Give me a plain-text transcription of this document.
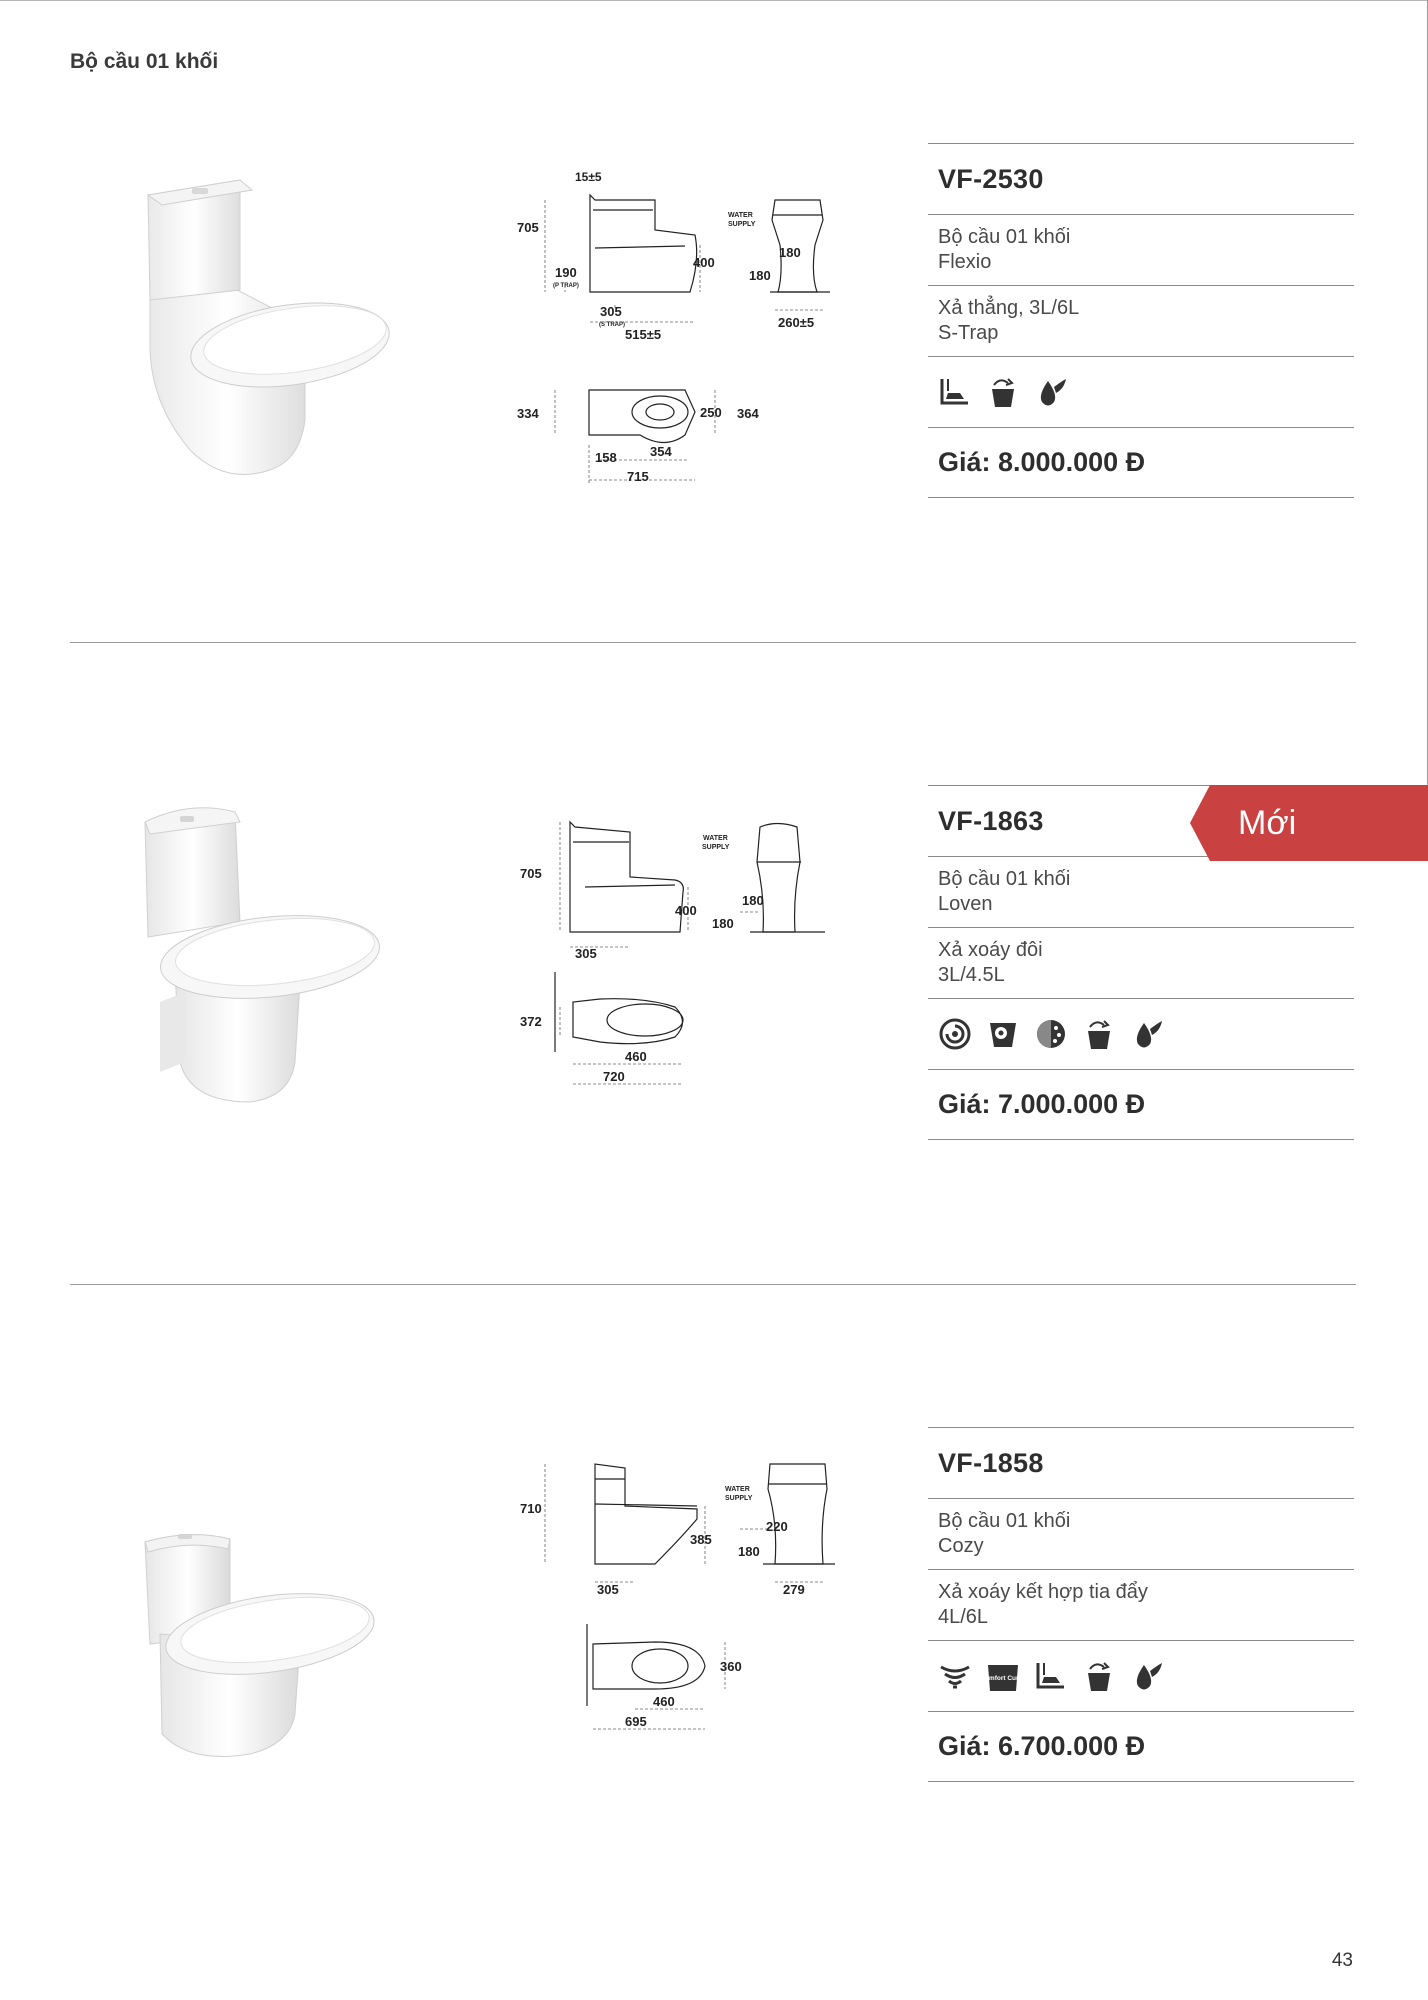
Bộ cầu 01 khối
15±5
705
190
(P TRAP)
305
(S TRAP)
515±5
400
WATER
SUPPLY
180
180
260±5
334	250 364
354
158
715
VF-2530
Bộ cầu 01 khối
Flexio
Xả thẳng, 3L/6L
S-Trap
Giá: 8.000.000 Đ
705
400
WATER
SUPPLY
180
180
305
372
460
720
VF-1863
Bộ cầu 01 khối
Loven
Xả xoáy đôi
3L/4.5L
Giá: 7.000.000 Đ
Mới
710
385
WATER
SUPPLY
220
180
305	279
360
460
695
VF-1858
Bộ cầu 01 khối
Cozy
Xả xoáy kết hợp tia đẩy
4L/6L
Comfort Curve
Giá: 6.700.000 Đ
43
